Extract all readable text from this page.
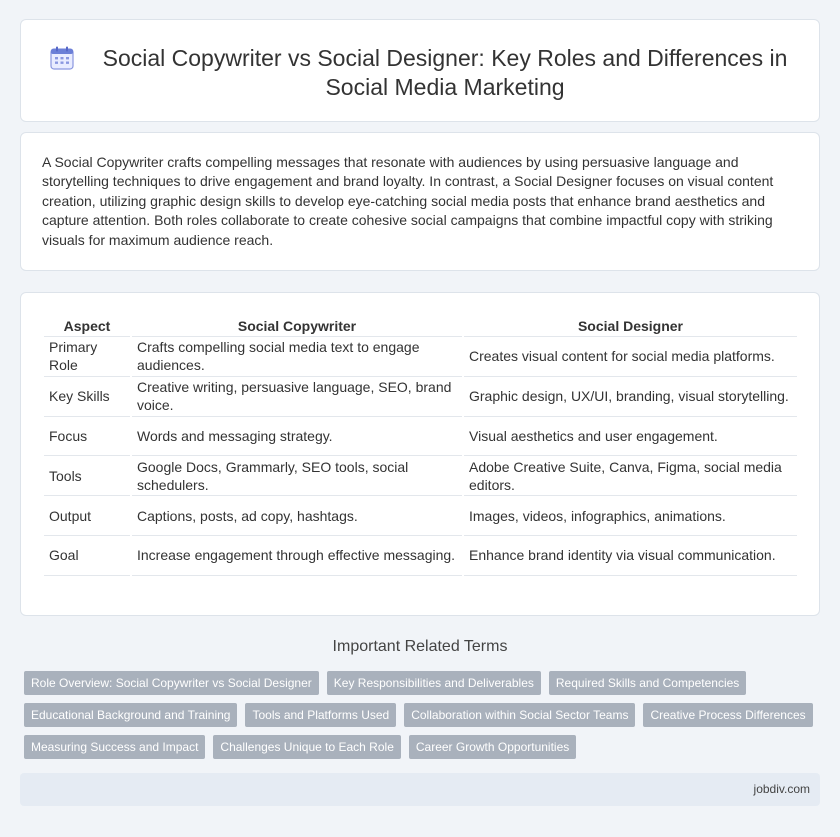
Social Copywriter vs Social Designer: Key Roles and Differences in Social Media Marketing

A Social Copywriter crafts compelling messages that resonate with audiences by using persuasive language and storytelling techniques to drive engagement and brand loyalty. In contrast, a Social Designer focuses on visual content creation, utilizing graphic design skills to develop eye-catching social media posts that enhance brand aesthetics and capture attention. Both roles collaborate to create cohesive social campaigns that combine impactful copy with striking visuals for maximum audience reach.

Aspect	Social Copywriter	Social Designer
Primary Role	Crafts compelling social media text to engage audiences.	Creates visual content for social media platforms.
Key Skills	Creative writing, persuasive language, SEO, brand voice.	Graphic design, UX/UI, branding, visual storytelling.
Focus	Words and messaging strategy.	Visual aesthetics and user engagement.
Tools	Google Docs, Grammarly, SEO tools, social schedulers.	Adobe Creative Suite, Canva, Figma, social media editors.
Output	Captions, posts, ad copy, hashtags.	Images, videos, infographics, animations.
Goal	Increase engagement through effective messaging.	Enhance brand identity via visual communication.
Important Related Terms
Role Overview: Social Copywriter vs Social Designer	Key Responsibilities and Deliverables	Required Skills and Competencies
Educational Background and Training	Tools and Platforms Used	Collaboration within Social Sector Teams	Creative Process Differences
Measuring Success and Impact	Challenges Unique to Each Role	Career Growth Opportunities
jobdiv.com
